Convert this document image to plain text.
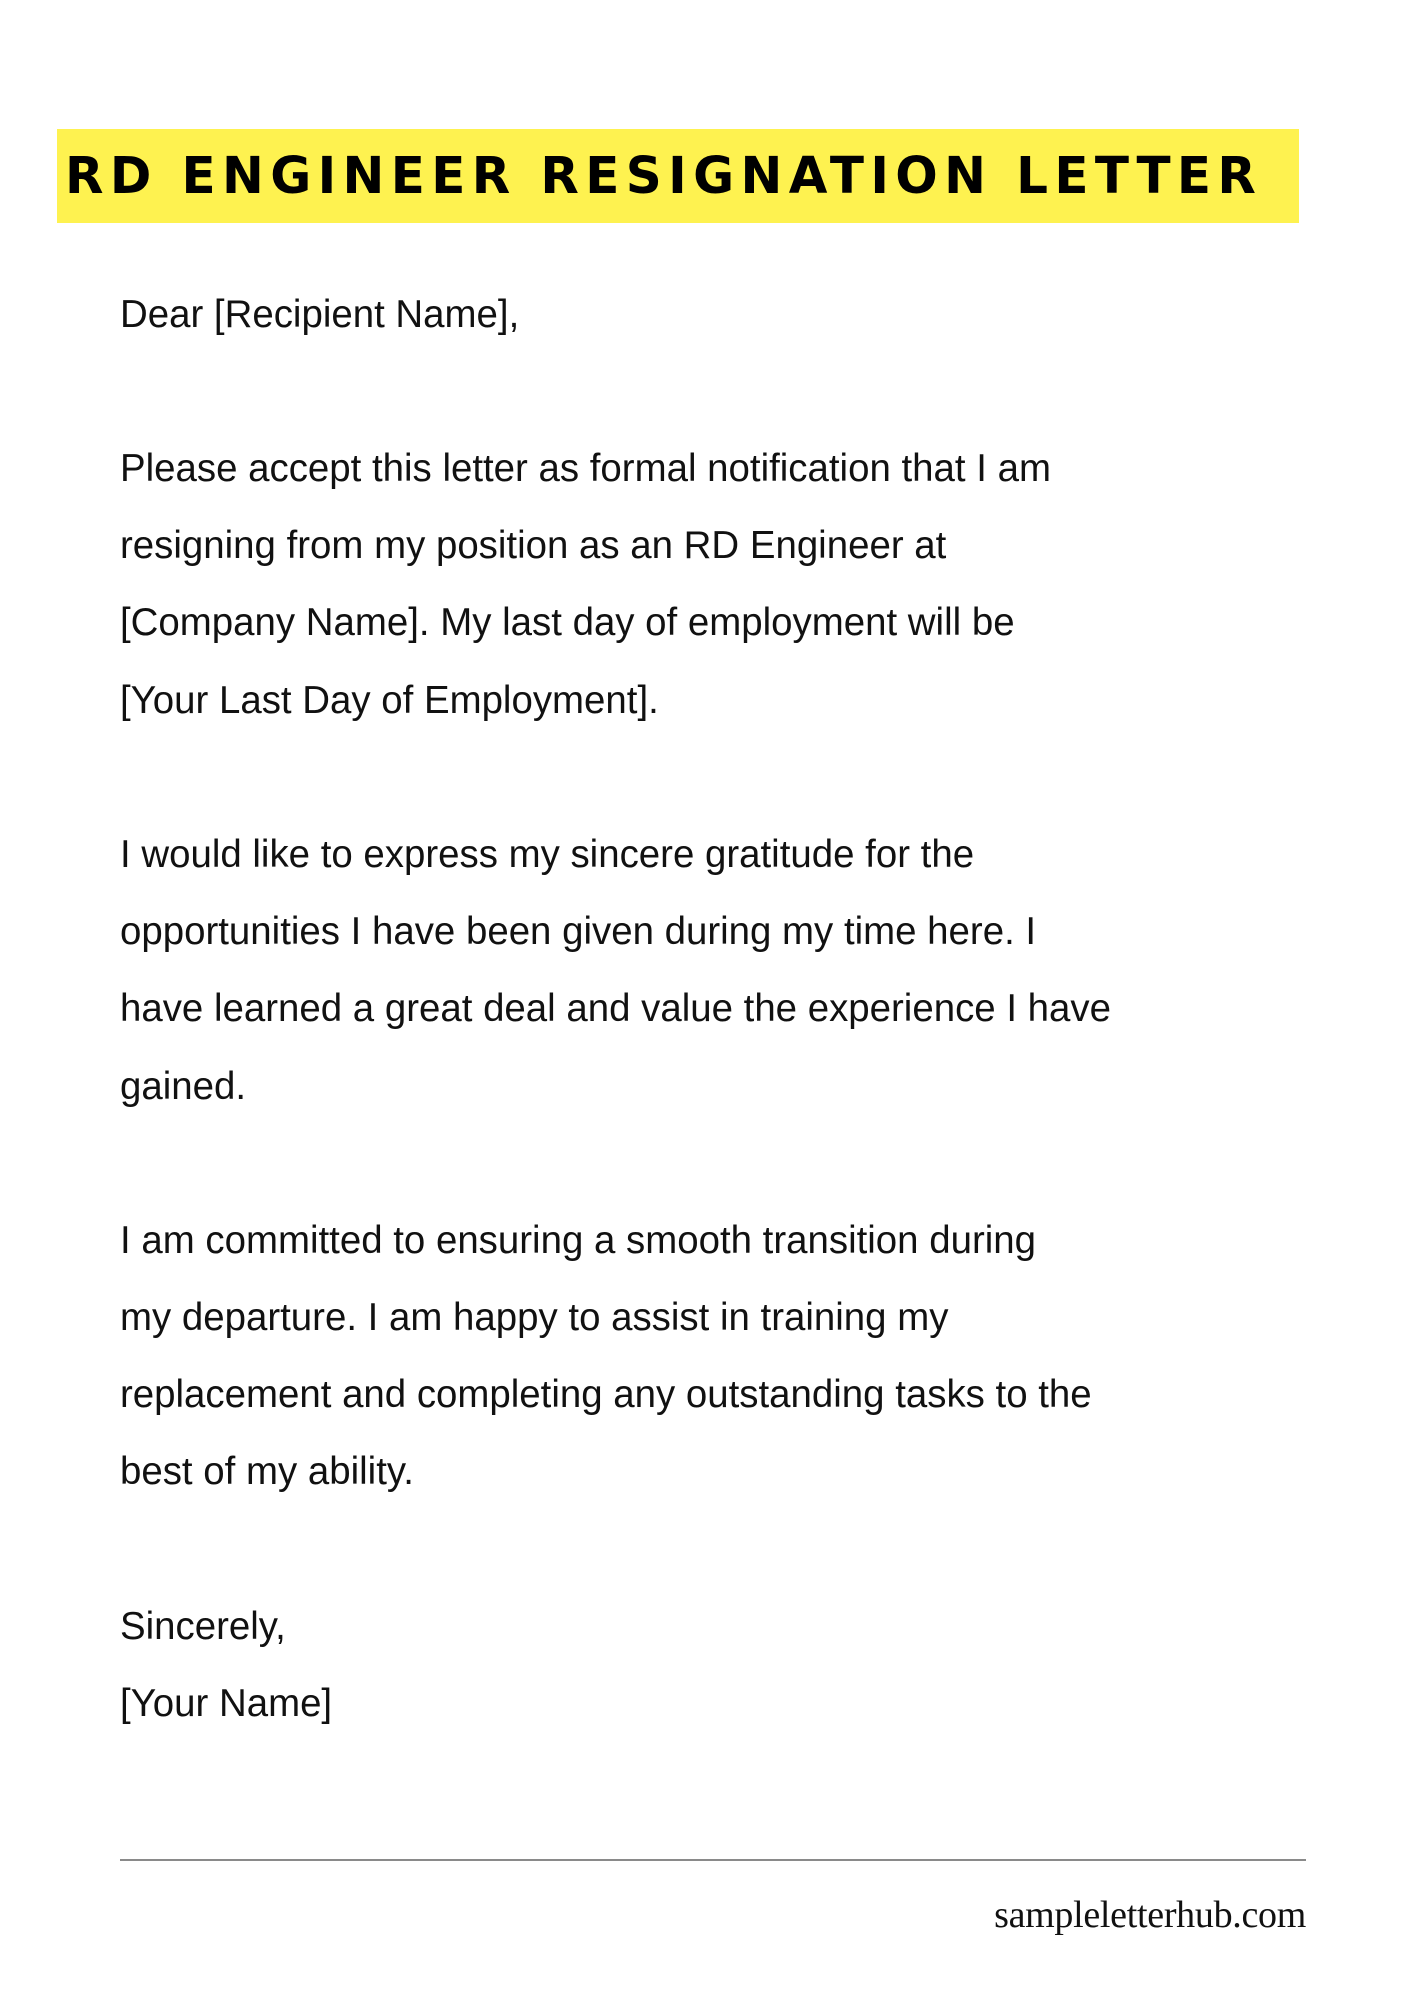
RD ENGINEER RESIGNATION LETTER
Dear [Recipient Name],
Please accept this letter as formal notification that I am
resigning from my position as an RD Engineer at
[Company Name]. My last day of employment will be
[Your Last Day of Employment].
I would like to express my sincere gratitude for the
opportunities I have been given during my time here. I
have learned a great deal and value the experience I have
gained.
I am committed to ensuring a smooth transition during
my departure. I am happy to assist in training my
replacement and completing any outstanding tasks to the
best of my ability.
Sincerely,
[Your Name]
sampleletterhub.com
